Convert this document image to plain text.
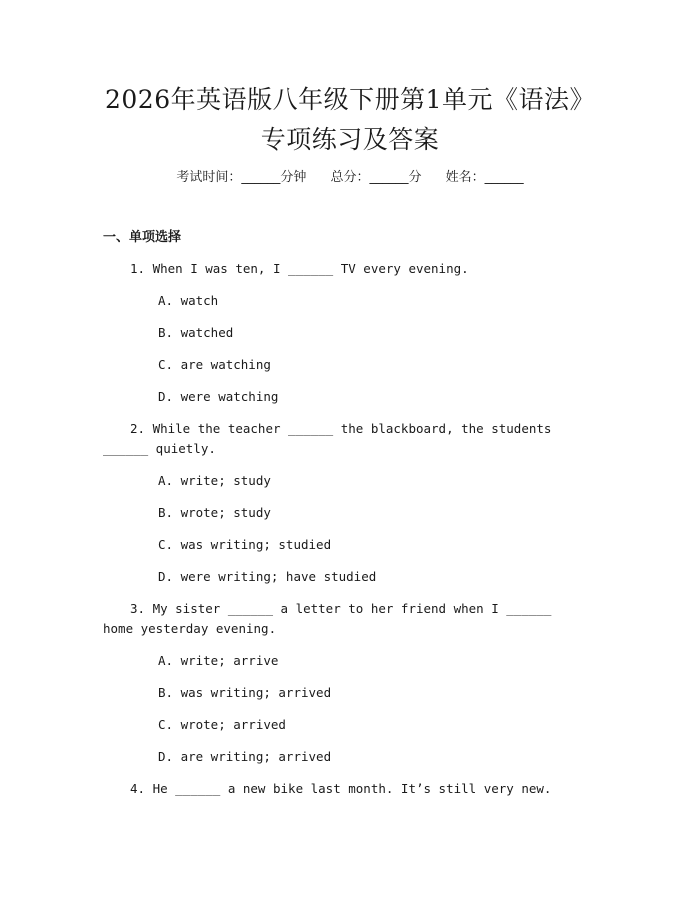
2026年英语版八年级下册第1单元《语法》
专项练习及答案
考试时间：______分钟 总分：______分 姓名：______
一、单项选择
1. When I was ten, I ______ TV every evening.
A. watch
B. watched
C. are watching
D. were watching
2. While the teacher ______ the blackboard, the students ______ quietly.
A. write; study
B. wrote; study
C. was writing; studied
D. were writing; have studied
3. My sister ______ a letter to her friend when I ______ home yesterday evening.
A. write; arrive
B. was writing; arrived
C. wrote; arrived
D. are writing; arrived
4. He ______ a new bike last month. It’s still very new.
